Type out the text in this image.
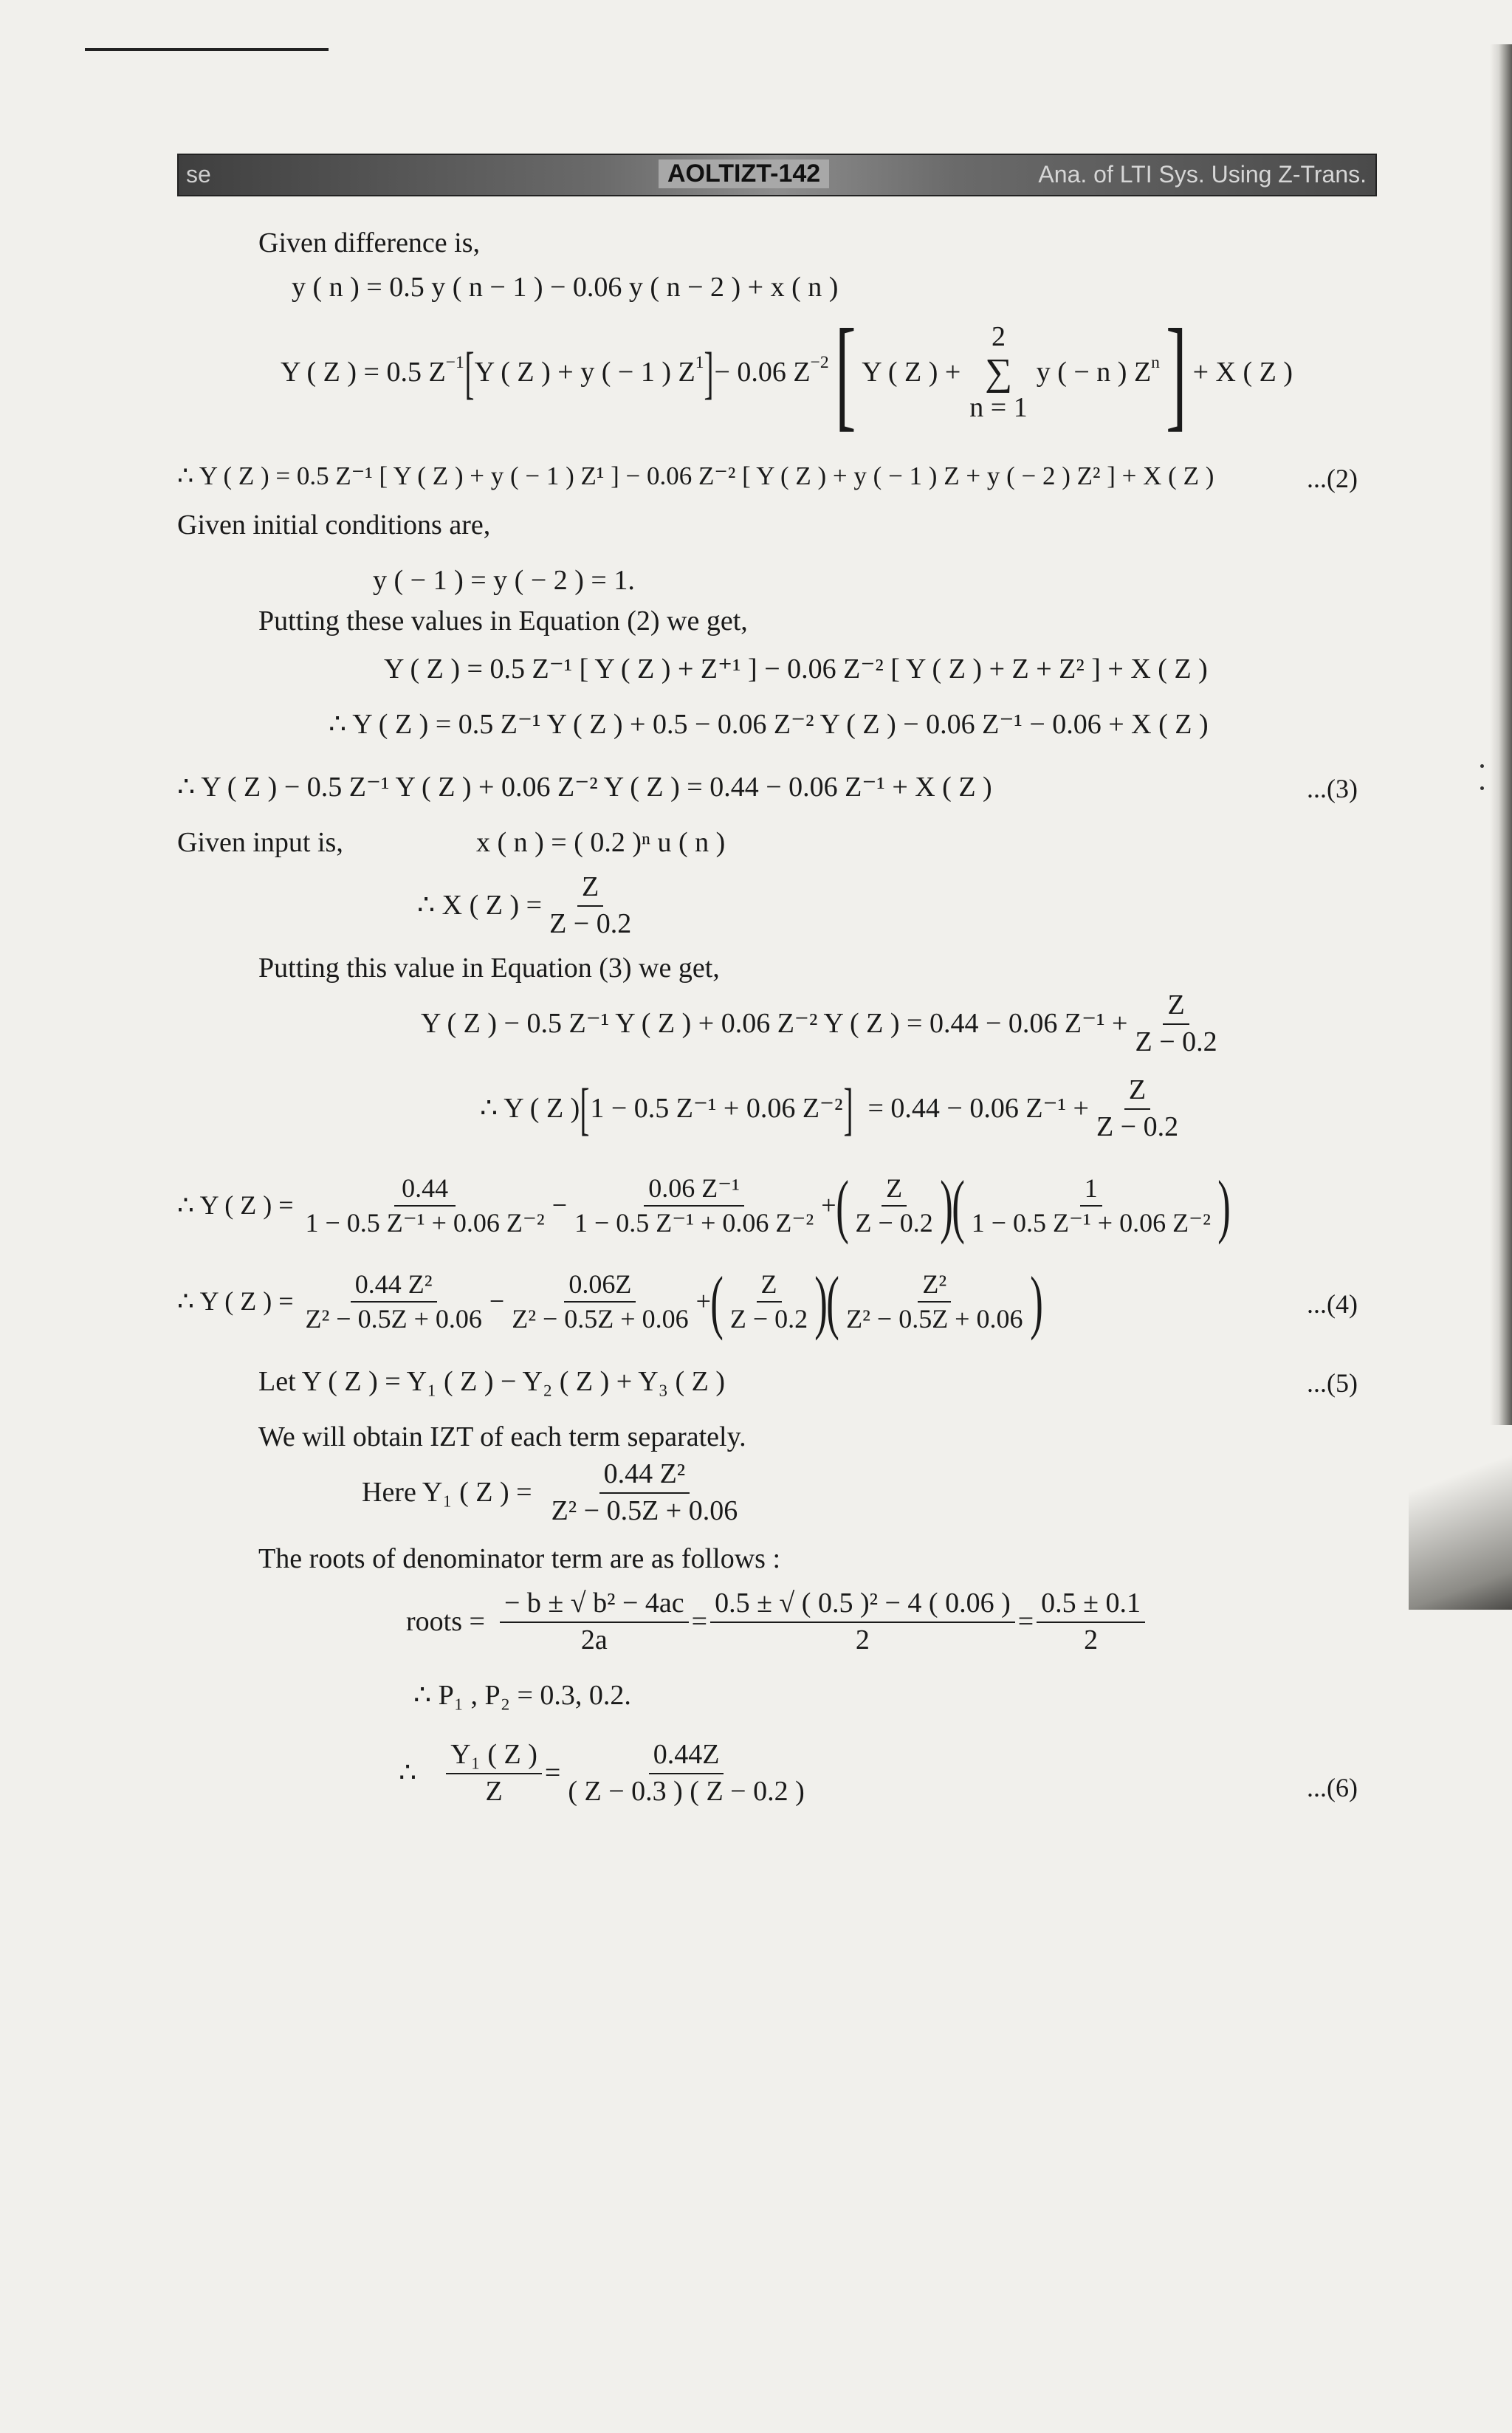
se	AOLTIZT-142	Ana. of LTI Sys. Using Z-Trans.
Given difference is,
y ( n ) = 0.5 y ( n − 1 ) − 0.06 y ( n − 2 ) + x ( n )
Y ( Z ) = 0.5 $Z^{-1}$ [ Y ( Z ) + y ( − 1 ) $Z^1$ ] − 0.06 $Z^{-2}$ [ Y ( Z ) +
2
∑
n = 1
y ( − n ) $Z^n$ ] + X ( Z )
∴ Y ( Z ) = 0.5 Z⁻¹ [ Y ( Z ) + y ( − 1 ) Z¹ ] − 0.06 Z⁻² [ Y ( Z ) + y ( − 1 ) Z + y ( − 2 ) Z² ] + X ( Z )	...(2)
Given initial conditions are,
y ( − 1 ) = y ( − 2 ) = 1.
Putting these values in Equation (2) we get,
Y ( Z ) = 0.5 Z⁻¹ [ Y ( Z ) + Z⁺¹ ] − 0.06 Z⁻² [ Y ( Z ) + Z + Z² ] + X ( Z )
∴ Y ( Z ) = 0.5 Z⁻¹ Y ( Z ) + 0.5 − 0.06 Z⁻² Y ( Z ) − 0.06 Z⁻¹ − 0.06 + X ( Z )
∴ Y ( Z ) − 0.5 Z⁻¹ Y ( Z ) + 0.06 Z⁻² Y ( Z ) = 0.44 − 0.06 Z⁻¹ + X ( Z )	...(3)
Given input is,	x ( n ) = ( 0.2 )ⁿ u ( n )
∴ X ( Z ) = $\frac{Z}{Z - 0.2}$
Putting this value in Equation (3) we get,
Y ( Z ) − 0.5 Z⁻¹ Y ( Z ) + 0.06 Z⁻² Y ( Z ) = 0.44 − 0.06 $Z^{-1} + \frac{Z}{Z - 0.2}$
∴ Y ( Z ) [ 1 − 0.5 Z⁻¹ + 0.06 Z⁻² ] = 0.44 − 0.06 $Z^{-1} + \frac{Z}{Z - 0.2}$
∴ Y ( Z ) = $\frac{0.44}{\text{1 − 0.5 Z⁻¹ + 0.06 Z⁻²}} - \frac{\text{0.06 Z⁻¹}}{\text{1 − 0.5 Z⁻¹ + 0.06 Z⁻²}}$ + ( $\frac{Z}{Z - 0.2}$ )
( $\frac{1}{\text{1 − 0.5 Z⁻¹ + 0.06 Z⁻²}}$ )
∴ Y ( Z ) = $\frac{\text{0.44 Z²}}{\text{Z² − 0.5Z + 0.06}} - \frac{0.06Z}{\text{Z² − 0.5Z + 0.06}}$ + ( $\frac{Z}{Z - 0.2}$ )
( $\frac{\text{Z²}}{\text{Z² − 0.5Z + 0.06}}$ )	...(4)
Let Y ( Z ) = Y₁ ( Z ) − Y₂ ( Z ) + Y₃ ( Z )	...(5)
We will obtain IZT of each term separately.
Here Y₁ ( Z ) = $\frac{\text{0.44 Z²}}{\text{Z² − 0.5Z + 0.06}}$
The roots of denominator term are as follows :
roots = $\frac{\text{− b ± √ b² − 4ac}}{2a} = \frac{\text{0.5 ± √ ( 0.5 )² − 4 ( 0.06 )}}{2} = \frac{0.5 \pm 0.1}{2}$
∴ P₁ , P₂ = 0.3, 0.2.
∴ $\frac{\text{Y₁ ( Z )}}{Z} = \frac{0.44Z}{( Z - 0.3 ) ( Z - 0.2 )}$	...(6)
